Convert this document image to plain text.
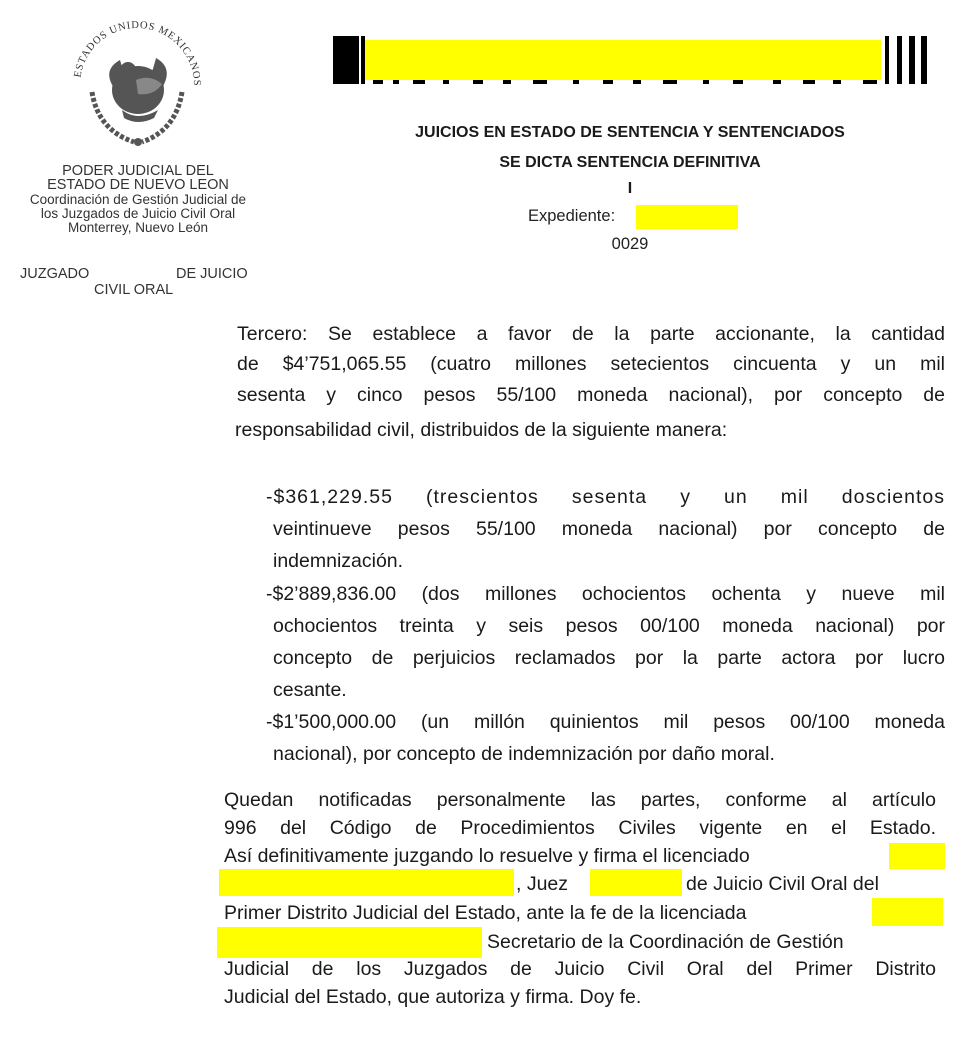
ESTADOS UNIDOS MEXICANOS
PODER JUDICIAL DEL
ESTADO DE NUEVO LEON
Coordinación de Gestión Judicial de
los Juzgados de Juicio Civil Oral
Monterrey, Nuevo León
JUZGADO	DE JUICIO
CIVIL ORAL
JUICIOS EN ESTADO DE SENTENCIA Y SENTENCIADOS
SE DICTA SENTENCIA DEFINITIVA
I
Expediente:
0029
Tercero: Se establece a favor de la parte accionante, la cantidad
de $4’751,065.55 (cuatro millones setecientos cincuenta y un mil
sesenta y cinco pesos 55/100 moneda nacional), por concepto de
responsabilidad civil, distribuidos de la siguiente manera:
-$361,229.55 (trescientos sesenta y un mil doscientos
veintinueve pesos 55/100 moneda nacional) por concepto de
indemnización.
-$2’889,836.00 (dos millones ochocientos ochenta y nueve mil
ochocientos treinta y seis pesos 00/100 moneda nacional) por
concepto de perjuicios reclamados por la parte actora por lucro
cesante.
-$1’500,000.00 (un millón quinientos mil pesos 00/100 moneda
nacional), por concepto de indemnización por daño moral.
Quedan notificadas personalmente las partes, conforme al artículo
996 del Código de Procedimientos Civiles vigente en el Estado.
Así definitivamente juzgando lo resuelve y firma el licenciado
, Juez	de Juicio Civil Oral del
Primer Distrito Judicial del Estado, ante la fe de la licenciada
Secretario de la Coordinación de Gestión
Judicial de los Juzgados de Juicio Civil Oral del Primer Distrito
Judicial del Estado, que autoriza y firma. Doy fe.
